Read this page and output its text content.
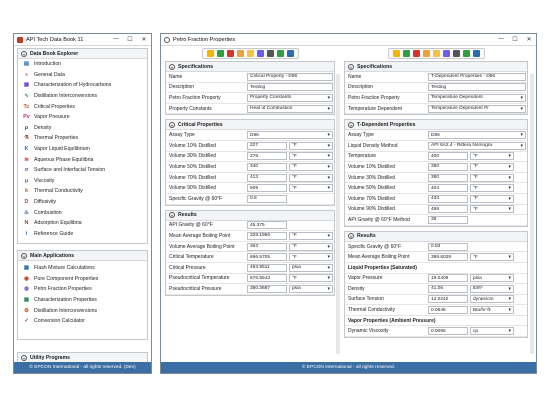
API Tech Data Book 11	— ☐ ✕
˅ Data Book Explorer
▤ Introduction
≡	General Data
▦ Characterization of Hydrocarbons
∿ Distillation Interconversions
Tc Critical Properties
Pv Vapor Pressure
ρ	Density
⚗ Thermal Properties
K Vapor Liquid Equilibrium
≋ Aqueous Phase Equilibria
σ	Surface and Interfacial Tension
μ	Viscosity
k	Thermal Conductivity
D Diffusivity
♨ Combustion
N Adsorption Equilibria
i	Reference Guide
˅ Main Applications
▦ Flash Mixture Calculations
◉ Pure Component Properties
◍ Petro Fraction Properties
▦ Characterization Properties
⚙ Distillation Interconversions
✓ Conversion Calculator
˅ Utility Programs
© EPCON International - all rights reserved. (Dev)
Petro Fraction Properties	— ☐ ✕
˅ Specifications
Name	Critical Property - D86
Description	Testing
Petro Fraction Property	Property Constants
▾
Property Constants	Heat of Combustion
▾
˅ Critical Properties
Assay Type	D86
▾
Volume 10% Distilled	227	°F
▾
Volume 30% Distilled	276	°F
▾
Volume 50% Distilled	340	°F
▾
Volume 70% Distilled	413	°F
▾
Volume 90% Distilled	509	°F
▾
Specific Gravity @ 60°F	0.8
˅ Results
API Gravity @ 60°F	45.375
Mean Average Boiling Point	328.1966	°F
▾
Volume Average Boiling Point	353	°F
▾
Critical Temperature	696.5705	°F
▾
Critical Pressure	493.9511	psia
▾
Pseudocritical Temperature	676.5543	°F
▾
Pseudocritical Pressure	380.3687	psia
▾
˅ Specifications
Name	T-Dependent Properties - D86
Description	Testing
Petro Fraction Property	Temperature Dependent
▾
Temperature Dependent	Temperature Dependent Pr
▾
˅ T-Dependent Properties
Assay Type	D86
▾
Liquid Density Method	API 6A2.4 - Rittera Nomogra
▾
Temperature	400	°F
▾
Volume 10% Distilled	350	°F
▾
Volume 30% Distilled	380	°F
▾
Volume 50% Distilled	404	°F
▾
Volume 70% Distilled	433	°F
▾
Volume 90% Distilled	469	°F
▾
API Gravity @ 60°F Method	39
˅ Results
Specific Gravity @ 60°F	0.83
Mean Average Boiling Point	399.6028	°F
▾
Liquid Properties (Saturated)
Vapor Pressure	19.0409	psia
▾
Density	41.06	lb/ft³
▾
Surface Tension	12.0242	dynes/cm
▾
Thermal Conductivity	0.0548	Btu/hr-ft-
▾
Vapor Properties (Ambient Pressure)
Dynamic Viscosity	0.0065	cp
▾
© EPCON International - all rights reserved.
